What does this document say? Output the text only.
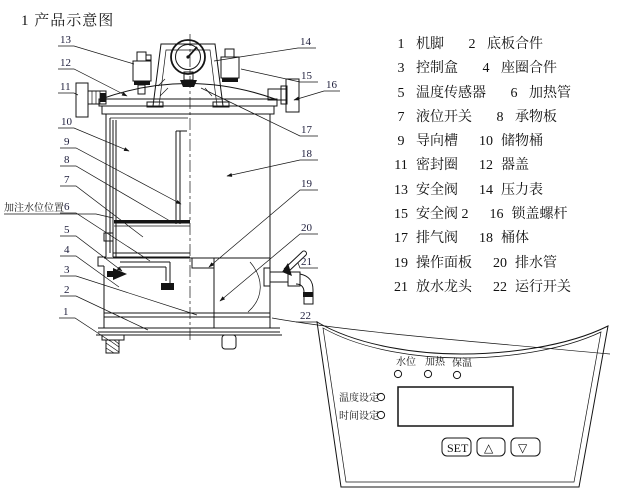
13
12
11
10
9
8
7
6
5
4
3
2
1
14
15
16
17
18
19
20
21
22
加注水位位置
水位 加热 保温
温度设定
时间设定
SET △ ▽
1 产品示意图
1 机脚 2 底板合件
3 控制盒 4 座圈合件
5 温度传感器 6 加热管
7 液位开关 8 承物板
9 导向槽 10 储物桶
11 密封圈 12 器盖
13 安全阀 14 压力表
15 安全阀 2 16 锁盖螺杆
17 排气阀 18 桶体
19 操作面板 20 排水管
21 放水龙头 22 运行开关
